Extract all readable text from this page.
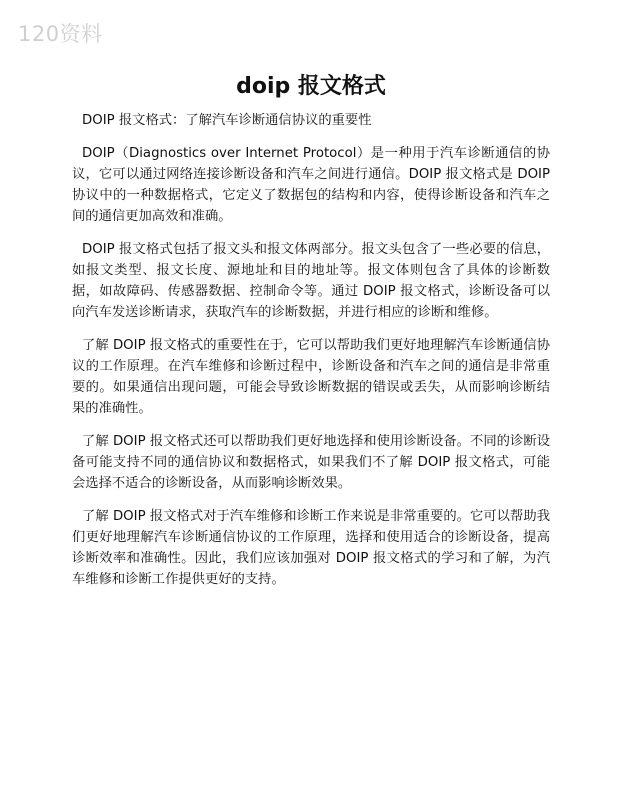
120资料
doip 报文格式

DOIP 报文格式：了解汽车诊断通信协议的重要性

DOIP（Diagnostics over Internet Protocol）是一种用于汽车诊断通信的协议，它可以通过网络连接诊断设备和汽车之间进行通信。DOIP 报文格式是 DOIP 协议中的一种数据格式，它定义了数据包的结构和内容，使得诊断设备和汽车之间的通信更加高效和准确。

DOIP 报文格式包括了报文头和报文体两部分。报文头包含了一些必要的信息，如报文类型、报文长度、源地址和目的地址等。报文体则包含了具体的诊断数据，如故障码、传感器数据、控制命令等。通过 DOIP 报文格式，诊断设备可以向汽车发送诊断请求，获取汽车的诊断数据，并进行相应的诊断和维修。

了解 DOIP 报文格式的重要性在于，它可以帮助我们更好地理解汽车诊断通信协议的工作原理。在汽车维修和诊断过程中，诊断设备和汽车之间的通信是非常重要的。如果通信出现问题，可能会导致诊断数据的错误或丢失，从而影响诊断结果的准确性。

了解 DOIP 报文格式还可以帮助我们更好地选择和使用诊断设备。不同的诊断设备可能支持不同的通信协议和数据格式，如果我们不了解 DOIP 报文格式，可能会选择不适合的诊断设备，从而影响诊断效果。

了解 DOIP 报文格式对于汽车维修和诊断工作来说是非常重要的。它可以帮助我们更好地理解汽车诊断通信协议的工作原理，选择和使用适合的诊断设备，提高诊断效率和准确性。因此，我们应该加强对 DOIP 报文格式的学习和了解，为汽车维修和诊断工作提供更好的支持。
